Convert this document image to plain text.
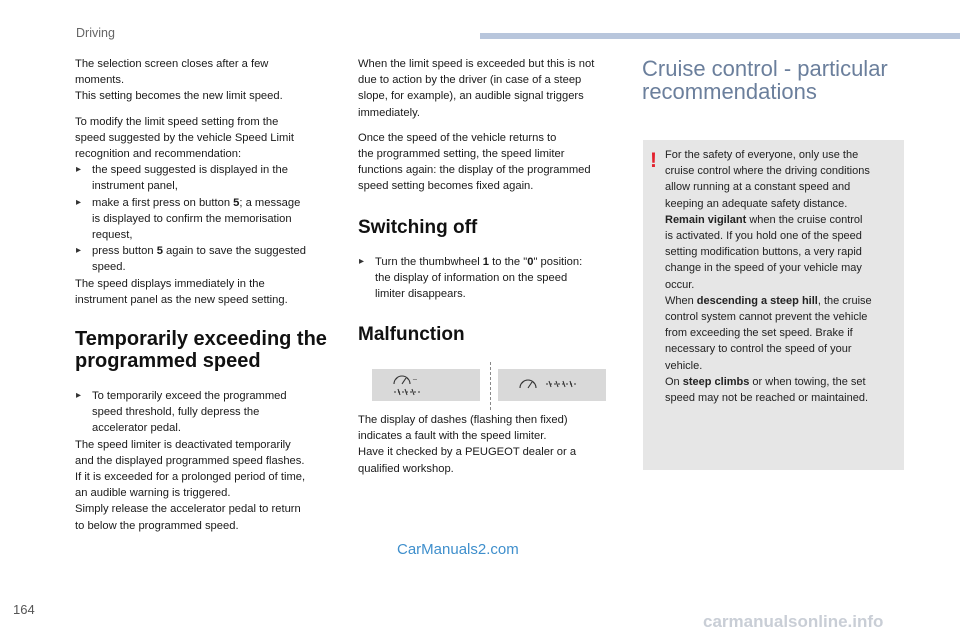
Driving

The selection screen closes after a few
moments.
This setting becomes the new limit speed.

To modify the limit speed setting from the
speed suggested by the vehicle Speed Limit
recognition and recommendation:
▸ the speed suggested is displayed in the
instrument panel,
▸ make a first press on button 5; a message
is displayed to confirm the memorisation
request,
▸ press button 5 again to save the suggested
speed.
The speed displays immediately in the
instrument panel as the new speed setting.

Temporarily exceeding the
programmed speed

▸ To temporarily exceed the programmed
speed threshold, fully depress the
accelerator pedal.
The speed limiter is deactivated temporarily
and the displayed programmed speed flashes.
If it is exceeded for a prolonged period of time,
an audible warning is triggered.
Simply release the accelerator pedal to return
to below the programmed speed.

When the limit speed is exceeded but this is not
due to action by the driver (in case of a steep
slope, for example), an audible signal triggers
immediately.

Once the speed of the vehicle returns to
the programmed setting, the speed limiter
functions again: the display of the programmed
speed setting becomes fixed again.

Switching off

▸ Turn the thumbwheel 1 to the "0" position:
the display of information on the speed
limiter disappears.

Malfunction
_
The display of dashes (flashing then fixed)
indicates a fault with the speed limiter.
Have it checked by a PEUGEOT dealer or a
qualified workshop.
Cruise control - particular
recommendations
! For the safety of everyone, only use the
cruise control where the driving conditions
allow running at a constant speed and
keeping an adequate safety distance.
Remain vigilant when the cruise control
is activated. If you hold one of the speed
setting modification buttons, a very rapid
change in the speed of your vehicle may
occur.
When descending a steep hill, the cruise
control system cannot prevent the vehicle
from exceeding the set speed. Brake if
necessary to control the speed of your
vehicle.
On steep climbs or when towing, the set
speed may not be reached or maintained.
CarManuals2.com
164
carmanualsonline.info
